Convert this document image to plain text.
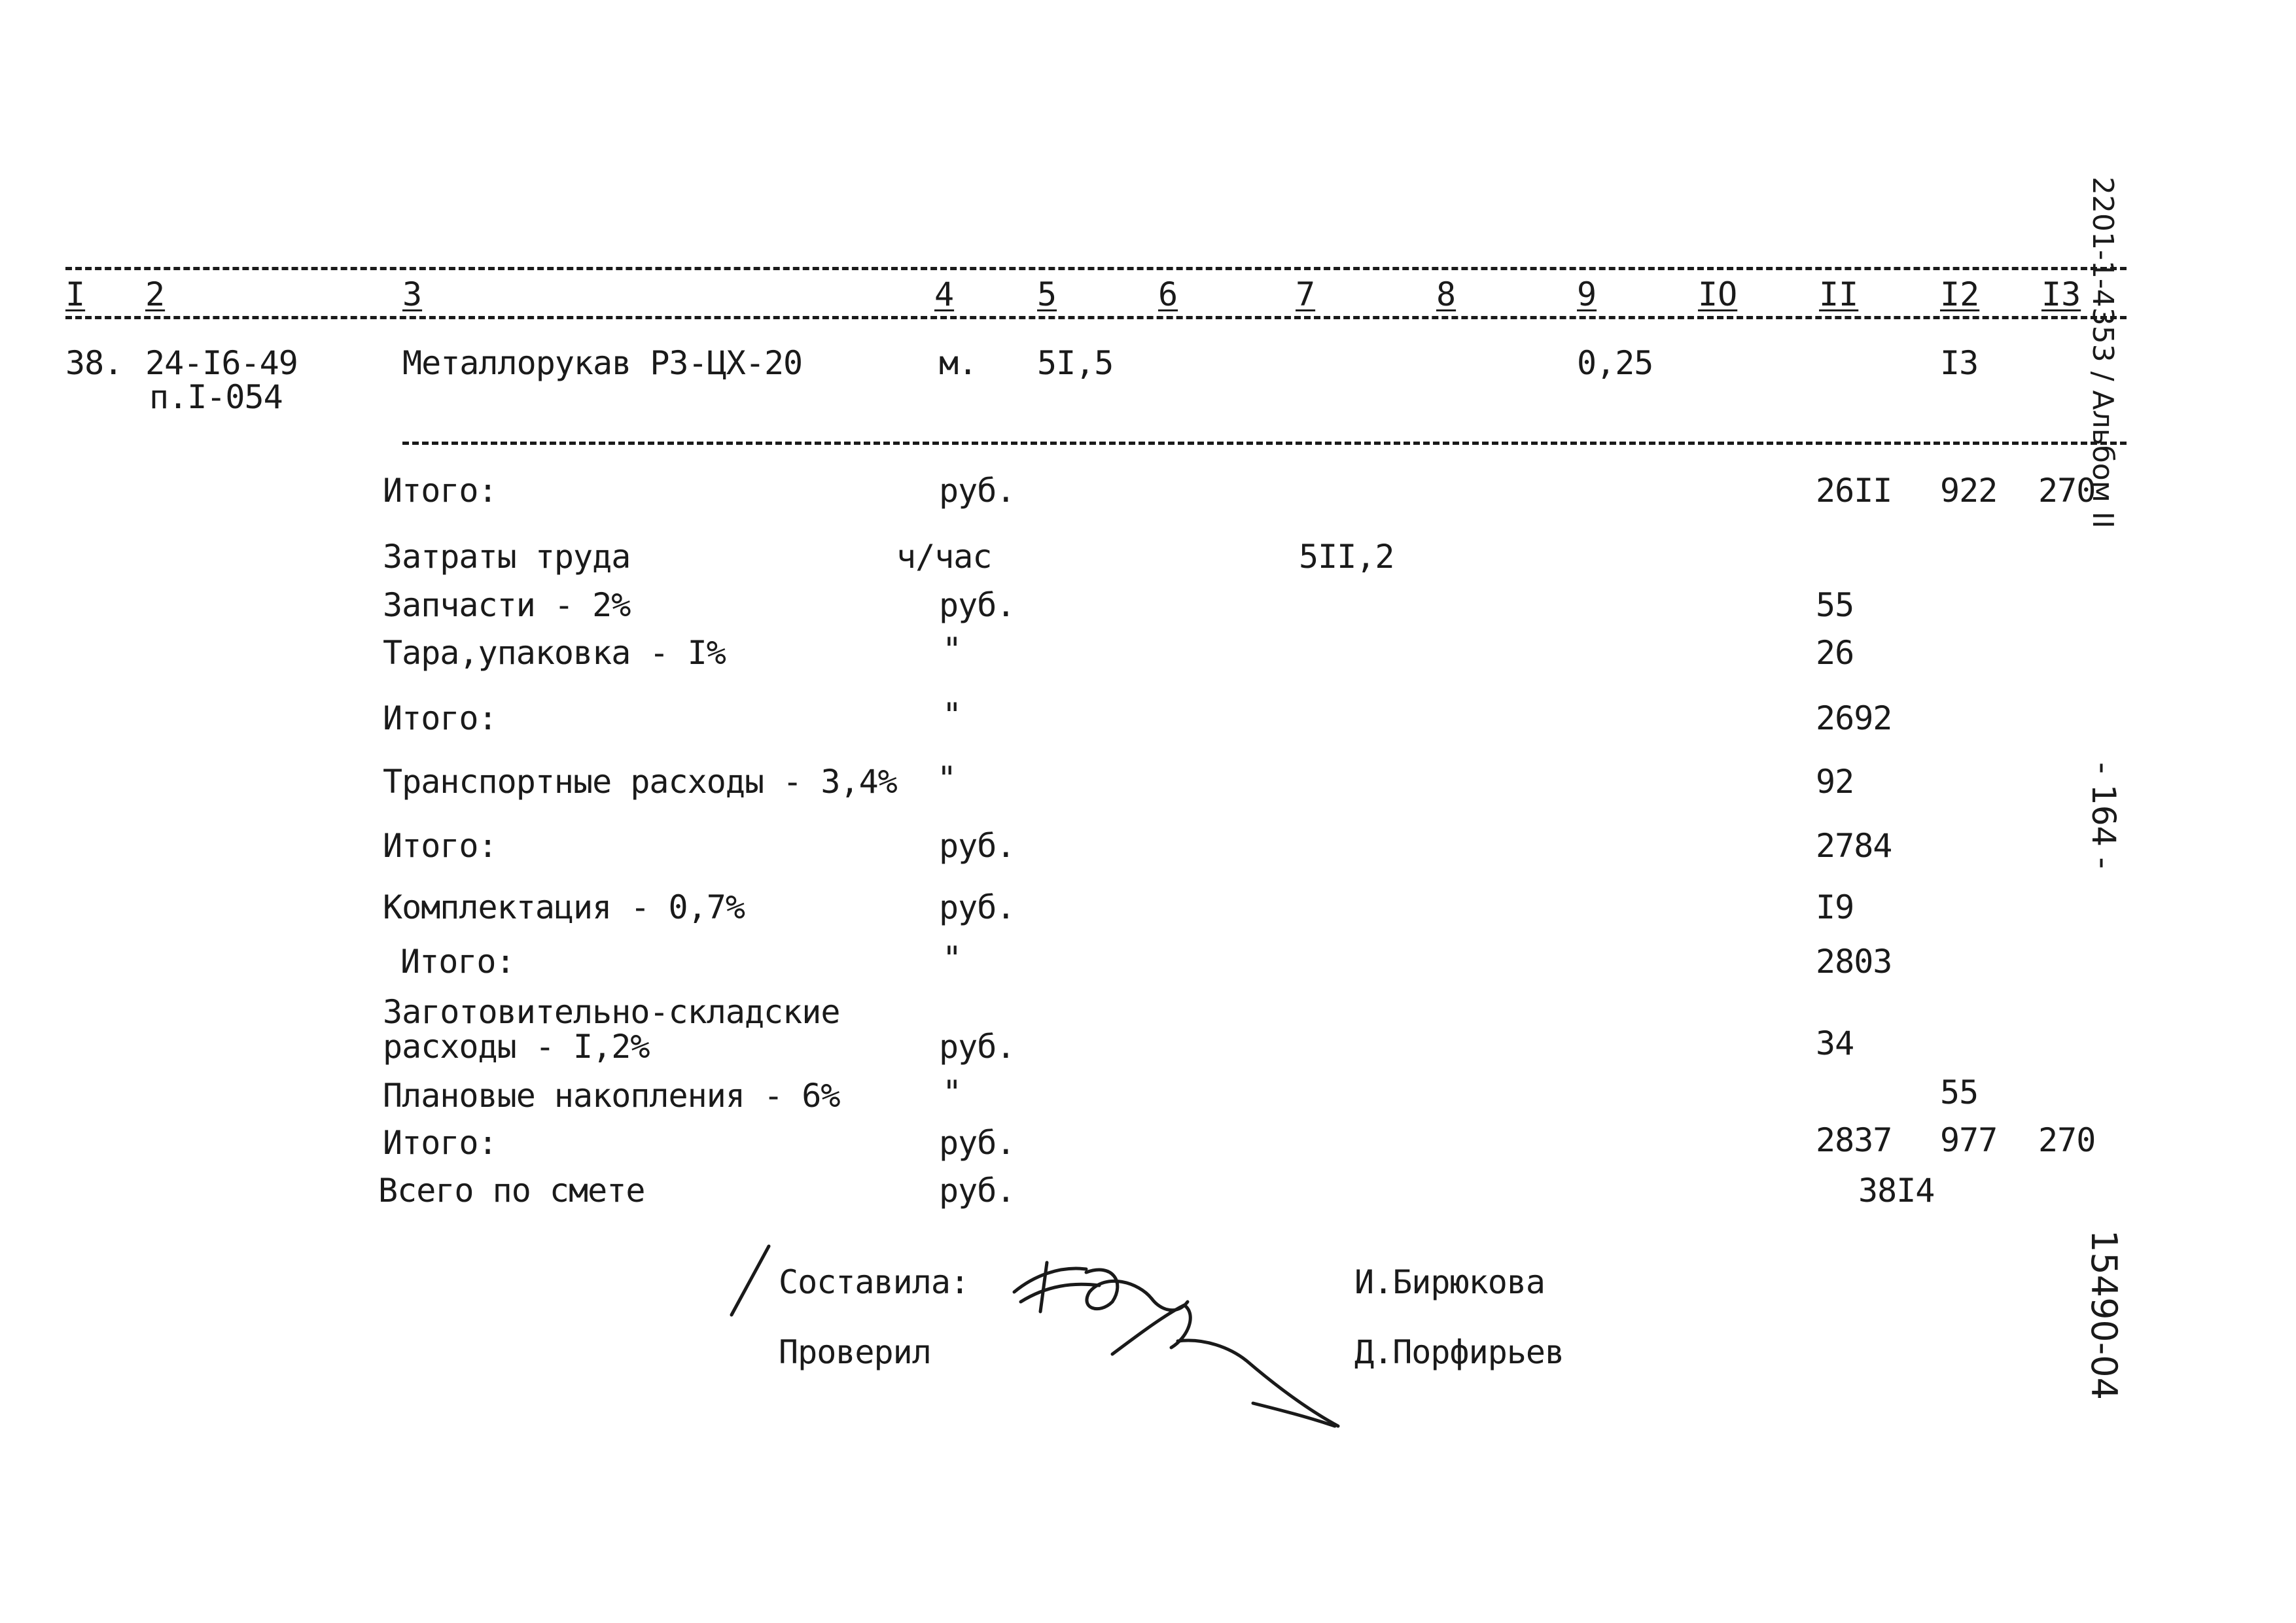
I 2	3	4	5	6	7	8	9	IO II I2 I3
38. 24-I6-49
п.I-054
Металлорукав РЗ-ЦХ-20	м. 5I,5	0,25	I3
Итого:	руб.	26II 922 270
Затраты труда	ч/час	5II,2
Запчасти - 2%	руб.	55
Тара,упаковка - I%	"	26
Итого:	"	2692
Транспортные расходы - 3,4% "	92
Итого:	руб.	2784
Комплектация - 0,7%	руб.	I9
Итого:	"	2803
Заготовительно-складские
расходы - I,2%	руб.	34
Плановые накопления - 6%	"	55
Итого:	руб.	2837 977 270
Всего по смете	руб.	38I4
Составила:	И.Бирюкова
Проверил	Д.Порфирьев
2201-1-4353 / Альбом II
- 164 -
15490-04
